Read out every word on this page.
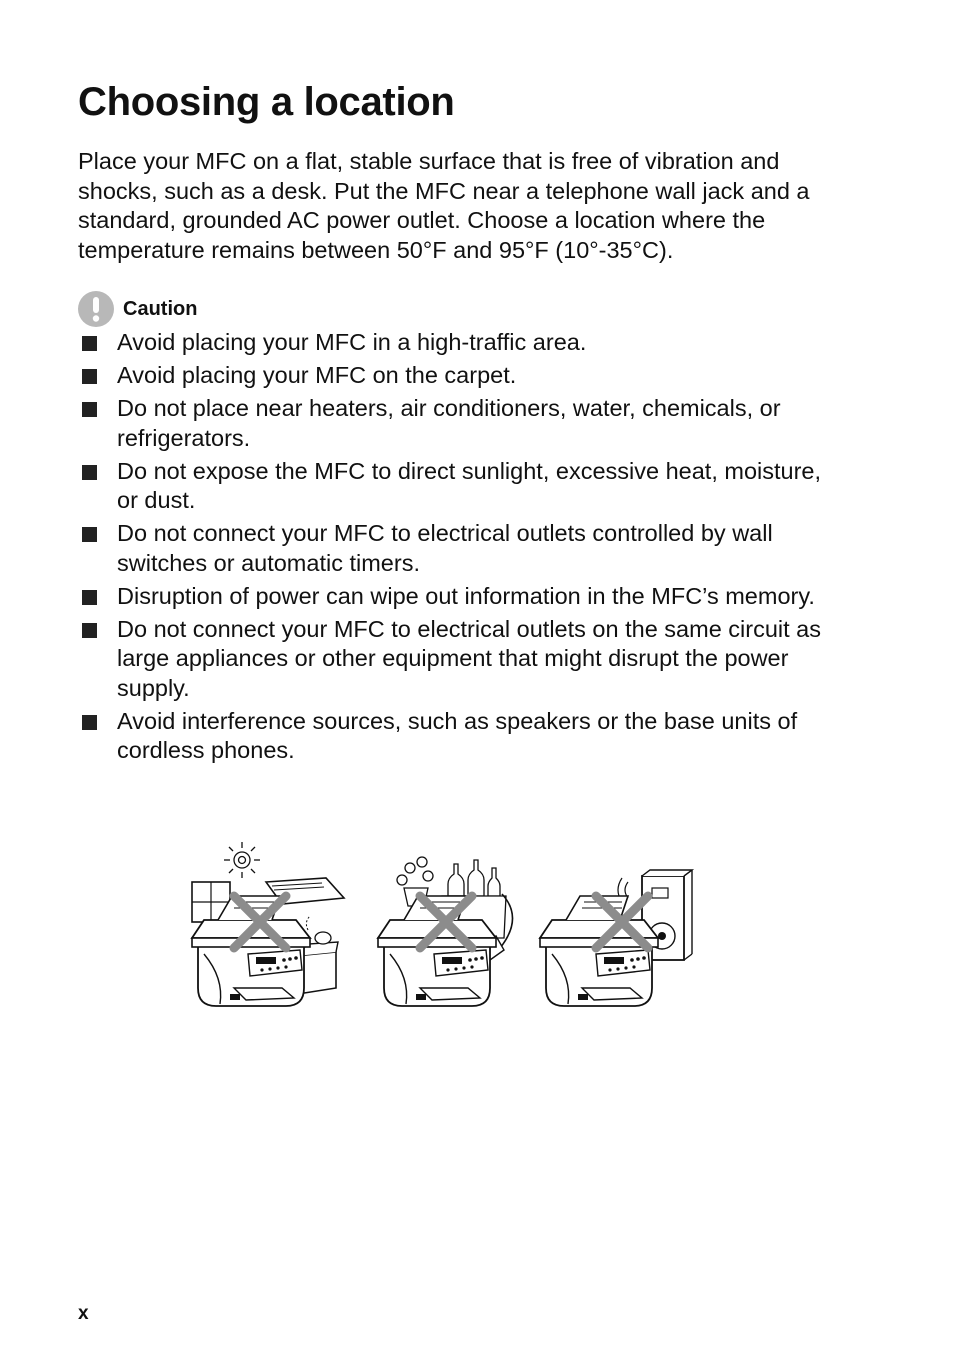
Choosing a location

Place your MFC on a flat, stable surface that is free of vibration and shocks, such as a desk. Put the MFC near a telephone wall jack and a standard, grounded AC power outlet. Choose a location where the temperature remains between 50°F and 95°F (10°-35°C).

Caution
Avoid placing your MFC in a high-traffic area.
Avoid placing your MFC on the carpet.
Do not place near heaters, air conditioners, water, chemicals, or refrigerators.
Do not expose the MFC to direct sunlight, excessive heat, moisture, or dust.
Do not connect your MFC to electrical outlets controlled by wall switches or automatic timers.
Disruption of power can wipe out information in the MFC’s memory.
Do not connect your MFC to electrical outlets on the same circuit as large appliances or other equipment that might disrupt the power supply.
Avoid interference sources, such as speakers or the base units of cordless phones.
x
